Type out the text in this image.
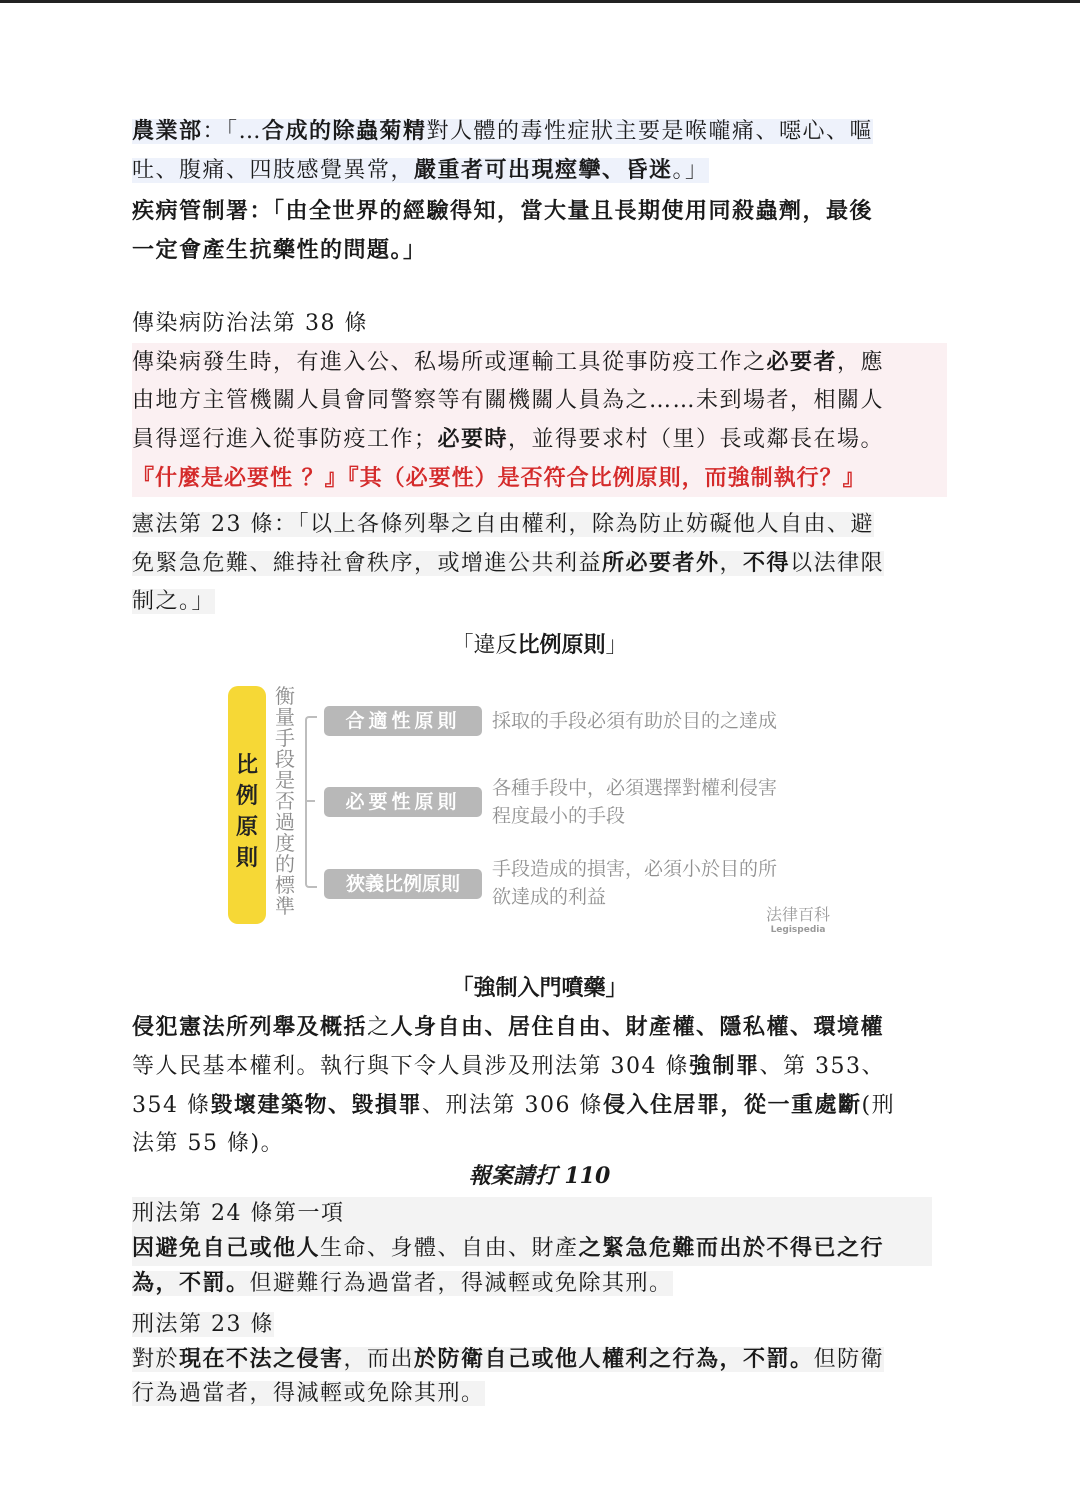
農業部：「…合成的除蟲菊精對人體的毒性症狀主要是喉嚨痛、噁心、嘔

吐、腹痛、四肢感覺異常，嚴重者可出現痙攣、昏迷。」

疾病管制署：「由全世界的經驗得知，當大量且長期使用同殺蟲劑，最後

一定會產生抗藥性的問題。」

傳染病防治法第 38 條

傳染病發生時，有進入公、私場所或運輸工具從事防疫工作之必要者，應

由地方主管機關人員會同警察等有關機關人員為之……未到場者，相關人

員得逕行進入從事防疫工作；必要時，並得要求村（里）長或鄰長在場。

『什麼是必要性 ？』『其（必要性）是否符合比例原則，而強制執行？』

憲法第 23 條：「以上各條列舉之自由權利，除為防止妨礙他人自由、避

免緊急危難、維持社會秩序，或增進公共利益所必要者外，不得以法律限

制之。」

「違反比例原則」
比
例
原
則
衡
量
手
段
是
否
過
度
的
標
準
合適性原則	採取的手段必須有助於目的之達成
必要性原則
各種手段中，必須選擇對權利侵害
程度最小的手段
狹義比例原則
手段造成的損害，必須小於目的所
欲達成的利益
法律百科
Legispedia
「強制入門噴藥」

侵犯憲法所列舉及概括之人身自由、居住自由、財產權、隱私權、環境權

等人民基本權利。執行與下令人員涉及刑法第 304 條強制罪、第 353、

354 條毀壞建築物、毀損罪、刑法第 306 條侵入住居罪，從一重處斷(刑

法第 55 條)。

報案請打 110

刑法第 24 條第一項

因避免自己或他人生命、身體、自由、財產之緊急危難而出於不得已之行

為，不罰。但避難行為過當者，得減輕或免除其刑。

刑法第 23 條

對於現在不法之侵害，而出於防衛自己或他人權利之行為，不罰。但防衛

行為過當者，得減輕或免除其刑。
